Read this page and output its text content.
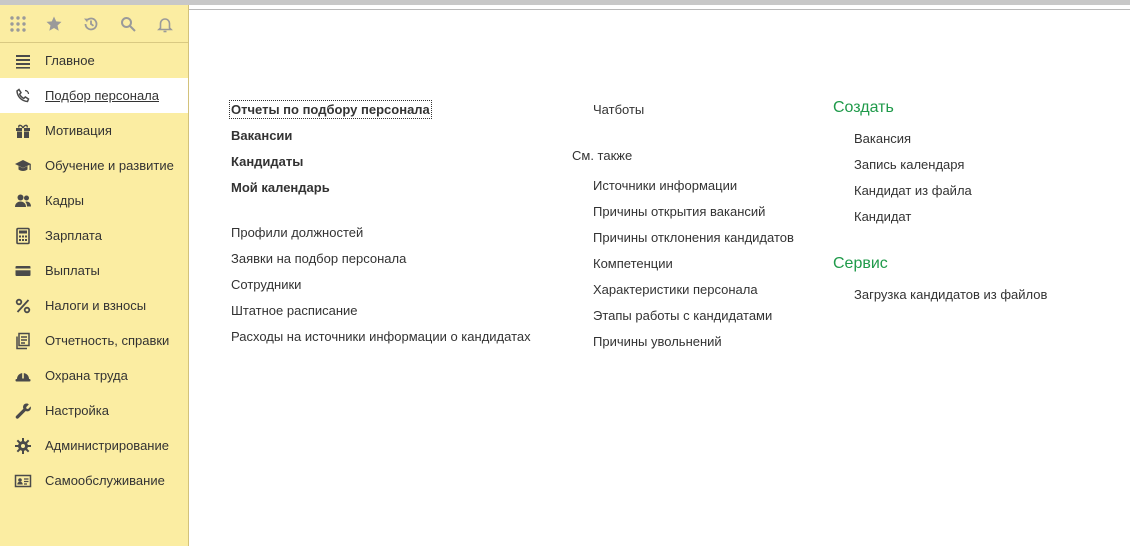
Главное
Подбор персонала
Мотивация
Обучение и развитие
Кадры
Зарплата
Выплаты
Налоги и взносы
Отчетность, справки
Охрана труда
Настройка
Администрирование
Самообслуживание
Отчеты по подбору персонала
Вакансии
Кандидаты
Мой календарь
Профили должностей
Заявки на подбор персонала
Сотрудники
Штатное расписание
Расходы на источники информации о кандидатах
Чатботы
См. также
Источники информации
Причины открытия вакансий
Причины отклонения кандидатов
Компетенции
Характеристики персонала
Этапы работы с кандидатами
Причины увольнений
Создать
Вакансия
Запись календаря
Кандидат из файла
Кандидат
Сервис
Загрузка кандидатов из файлов
